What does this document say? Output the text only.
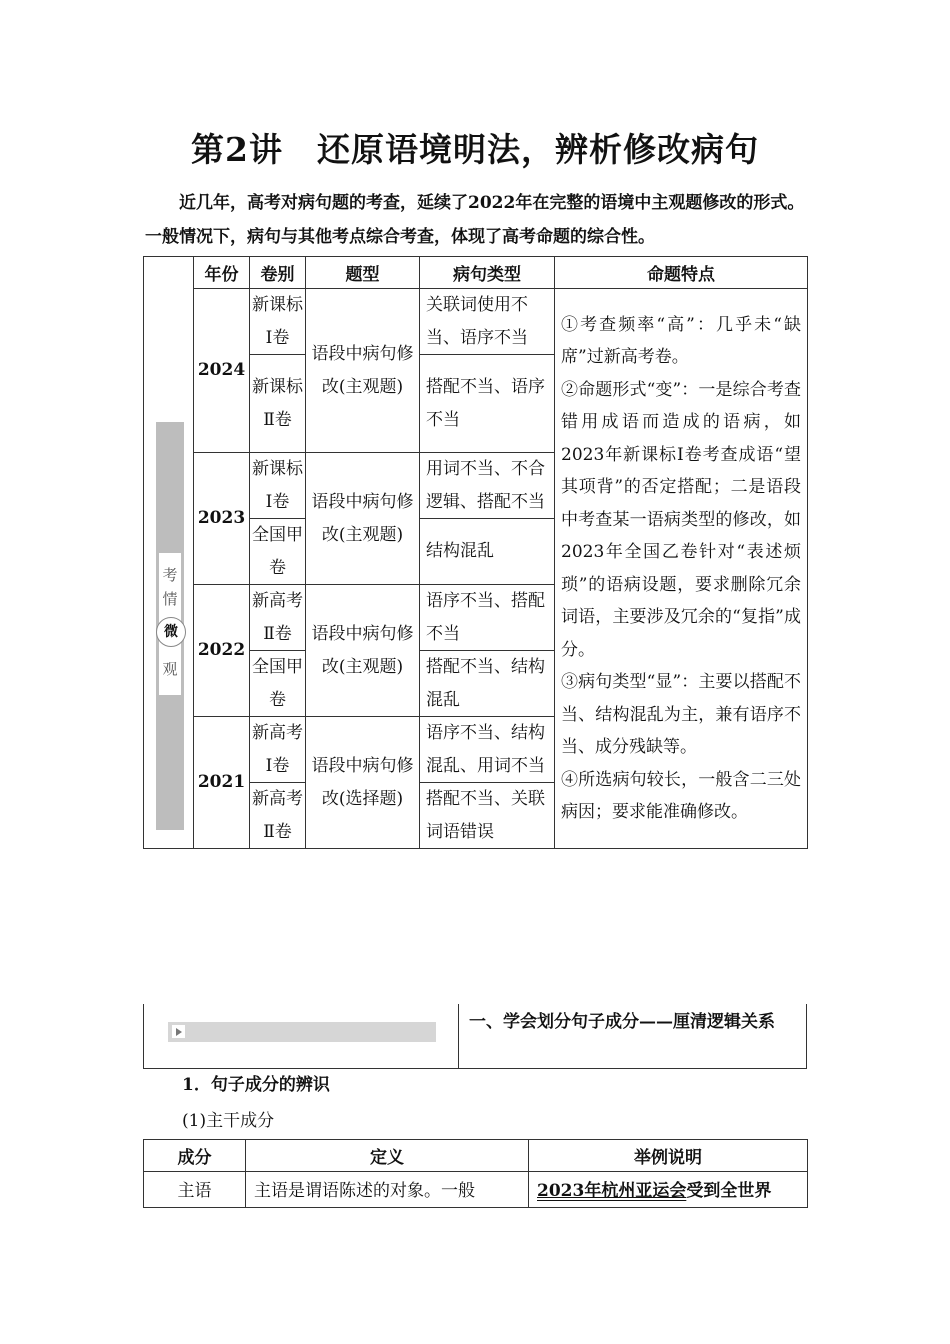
第2讲　还原语境明法，辨析修改病句
近几年，高考对病句题的考查，延续了2022年在完整的语境中主观题修改的形式。一般情况下，病句与其他考点综合考查，体现了高考命题的综合性。
考
情
微
观	年份	卷别	题型	病句类型	命题特点
	2024	新课标Ⅰ卷	语段中病句修改(主观题)	关联词使用不当、语序不当	①考查频率“高”：几乎未“缺席”过新高考卷。
②命题形式“变”：一是综合考查错用成语而造成的语病，如2023年新课标Ⅰ卷考查成语“望其项背”的否定搭配；二是语段中考查某一语病类型的修改，如2023年全国乙卷针对“表述烦琐”的语病设题，要求删除冗余词语，主要涉及冗余的“复指”成分。
③病句类型“显”：主要以搭配不当、结构混乱为主，兼有语序不当、成分残缺等。
④所选病句较长，一般含二三处病因；要求能准确修改。

		新课标Ⅱ卷		搭配不当、语序不当	
	2023	新课标Ⅰ卷	语段中病句修改(主观题)	用词不当、不合逻辑、搭配不当	
		全国甲卷		结构混乱	
	2022	新高考Ⅱ卷	语段中病句修改(主观题)	语序不当、搭配不当	
		全国甲卷		搭配不当、结构混乱	
	2021	新高考Ⅰ卷	语段中病句修改(选择题)	语序不当、结构混乱、用词不当	
		新高考Ⅱ卷		搭配不当、关联词语错误	
一、学会划分句子成分——厘清逻辑关系
1．句子成分的辨识
(1)主干成分
成分	定义	举例说明
主语	主语是谓语陈述的对象。一般	2023年杭州亚运会受到全世界
